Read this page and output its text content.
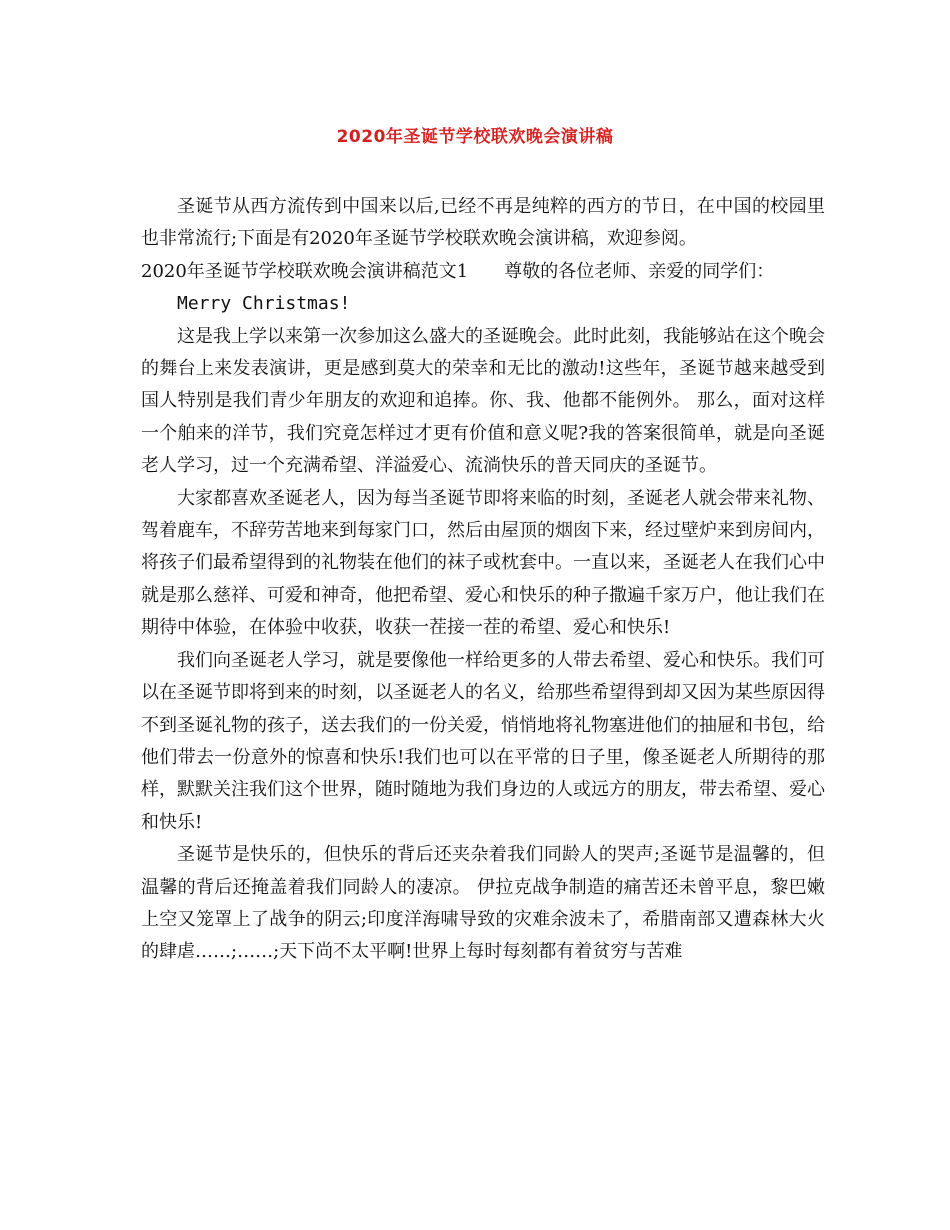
2020年圣诞节学校联欢晚会演讲稿

圣诞节从西方流传到中国来以后,已经不再是纯粹的西方的节日，在中国的校园里也非常流行;下面是有2020年圣诞节学校联欢晚会演讲稿，欢迎参阅。

2020年圣诞节学校联欢晚会演讲稿范文1 尊敬的各位老师、亲爱的同学们：

Merry Christmas!

这是我上学以来第一次参加这么盛大的圣诞晚会。此时此刻，我能够站在这个晚会的舞台上来发表演讲，更是感到莫大的荣幸和无比的激动!这些年，圣诞节越来越受到国人特别是我们青少年朋友的欢迎和追捧。你、我、他都不能例外。 那么，面对这样一个舶来的洋节，我们究竟怎样过才更有价值和意义呢?我的答案很简单，就是向圣诞老人学习，过一个充满希望、洋溢爱心、流淌快乐的普天同庆的圣诞节。

大家都喜欢圣诞老人，因为每当圣诞节即将来临的时刻，圣诞老人就会带来礼物、驾着鹿车，不辞劳苦地来到每家门口，然后由屋顶的烟囱下来，经过壁炉来到房间内，将孩子们最希望得到的礼物装在他们的袜子或枕套中。一直以来，圣诞老人在我们心中就是那么慈祥、可爱和神奇，他把希望、爱心和快乐的种子撒遍千家万户，他让我们在期待中体验，在体验中收获，收获一茬接一茬的希望、爱心和快乐!

我们向圣诞老人学习，就是要像他一样给更多的人带去希望、爱心和快乐。我们可以在圣诞节即将到来的时刻，以圣诞老人的名义，给那些希望得到却又因为某些原因得不到圣诞礼物的孩子，送去我们的一份关爱，悄悄地将礼物塞进他们的抽屉和书包，给他们带去一份意外的惊喜和快乐!我们也可以在平常的日子里，像圣诞老人所期待的那样，默默关注我们这个世界，随时随地为我们身边的人或远方的朋友，带去希望、爱心和快乐!

圣诞节是快乐的，但快乐的背后还夹杂着我们同龄人的哭声;圣诞节是温馨的，但温馨的背后还掩盖着我们同龄人的凄凉。 伊拉克战争制造的痛苦还未曾平息，黎巴嫩上空又笼罩上了战争的阴云;印度洋海啸导致的灾难余波未了，希腊南部又遭森林大火的肆虐……;……;天下尚不太平啊!世界上每时每刻都有着贫穷与苦难
